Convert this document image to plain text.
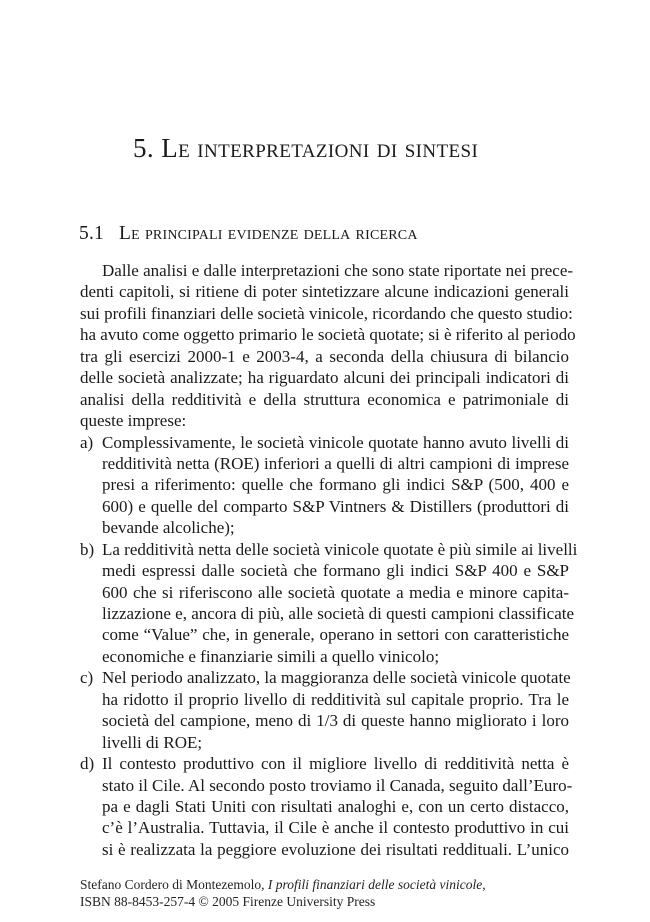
5. Le interpretazioni di sintesi
5.1 Le principali evidenze della ricerca
Dalle analisi e dalle interpretazioni che sono state riportate nei prece-
denti capitoli, si ritiene di poter sintetizzare alcune indicazioni generali
sui profili finanziari delle società vinicole, ricordando che questo studio:
ha avuto come oggetto primario le società quotate; si è riferito al periodo
tra gli esercizi 2000-1 e 2003-4, a seconda della chiusura di bilancio
delle società analizzate; ha riguardato alcuni dei principali indicatori di
analisi della redditività e della struttura economica e patrimoniale di
queste imprese:
a) Complessivamente, le società vinicole quotate hanno avuto livelli di
redditività netta (ROE) inferiori a quelli di altri campioni di imprese
presi a riferimento: quelle che formano gli indici S&P (500, 400 e
600) e quelle del comparto S&P Vintners & Distillers (produttori di
bevande alcoliche);
b) La redditività netta delle società vinicole quotate è più simile ai livelli
medi espressi dalle società che formano gli indici S&P 400 e S&P
600 che si riferiscono alle società quotate a media e minore capita-
lizzazione e, ancora di più, alle società di questi campioni classificate
come “Value” che, in generale, operano in settori con caratteristiche
economiche e finanziarie simili a quello vinicolo;
c) Nel periodo analizzato, la maggioranza delle società vinicole quotate
ha ridotto il proprio livello di redditività sul capitale proprio. Tra le
società del campione, meno di 1/3 di queste hanno migliorato i loro
livelli di ROE;
d) Il contesto produttivo con il migliore livello di redditività netta è
stato il Cile. Al secondo posto troviamo il Canada, seguito dall’Euro-
pa e dagli Stati Uniti con risultati analoghi e, con un certo distacco,
c’è l’Australia. Tuttavia, il Cile è anche il contesto produttivo in cui
si è realizzata la peggiore evoluzione dei risultati reddituali. L’unico
Stefano Cordero di Montezemolo, I profili finanziari delle società vinicole,
ISBN 88-8453-257-4 © 2005 Firenze University Press
